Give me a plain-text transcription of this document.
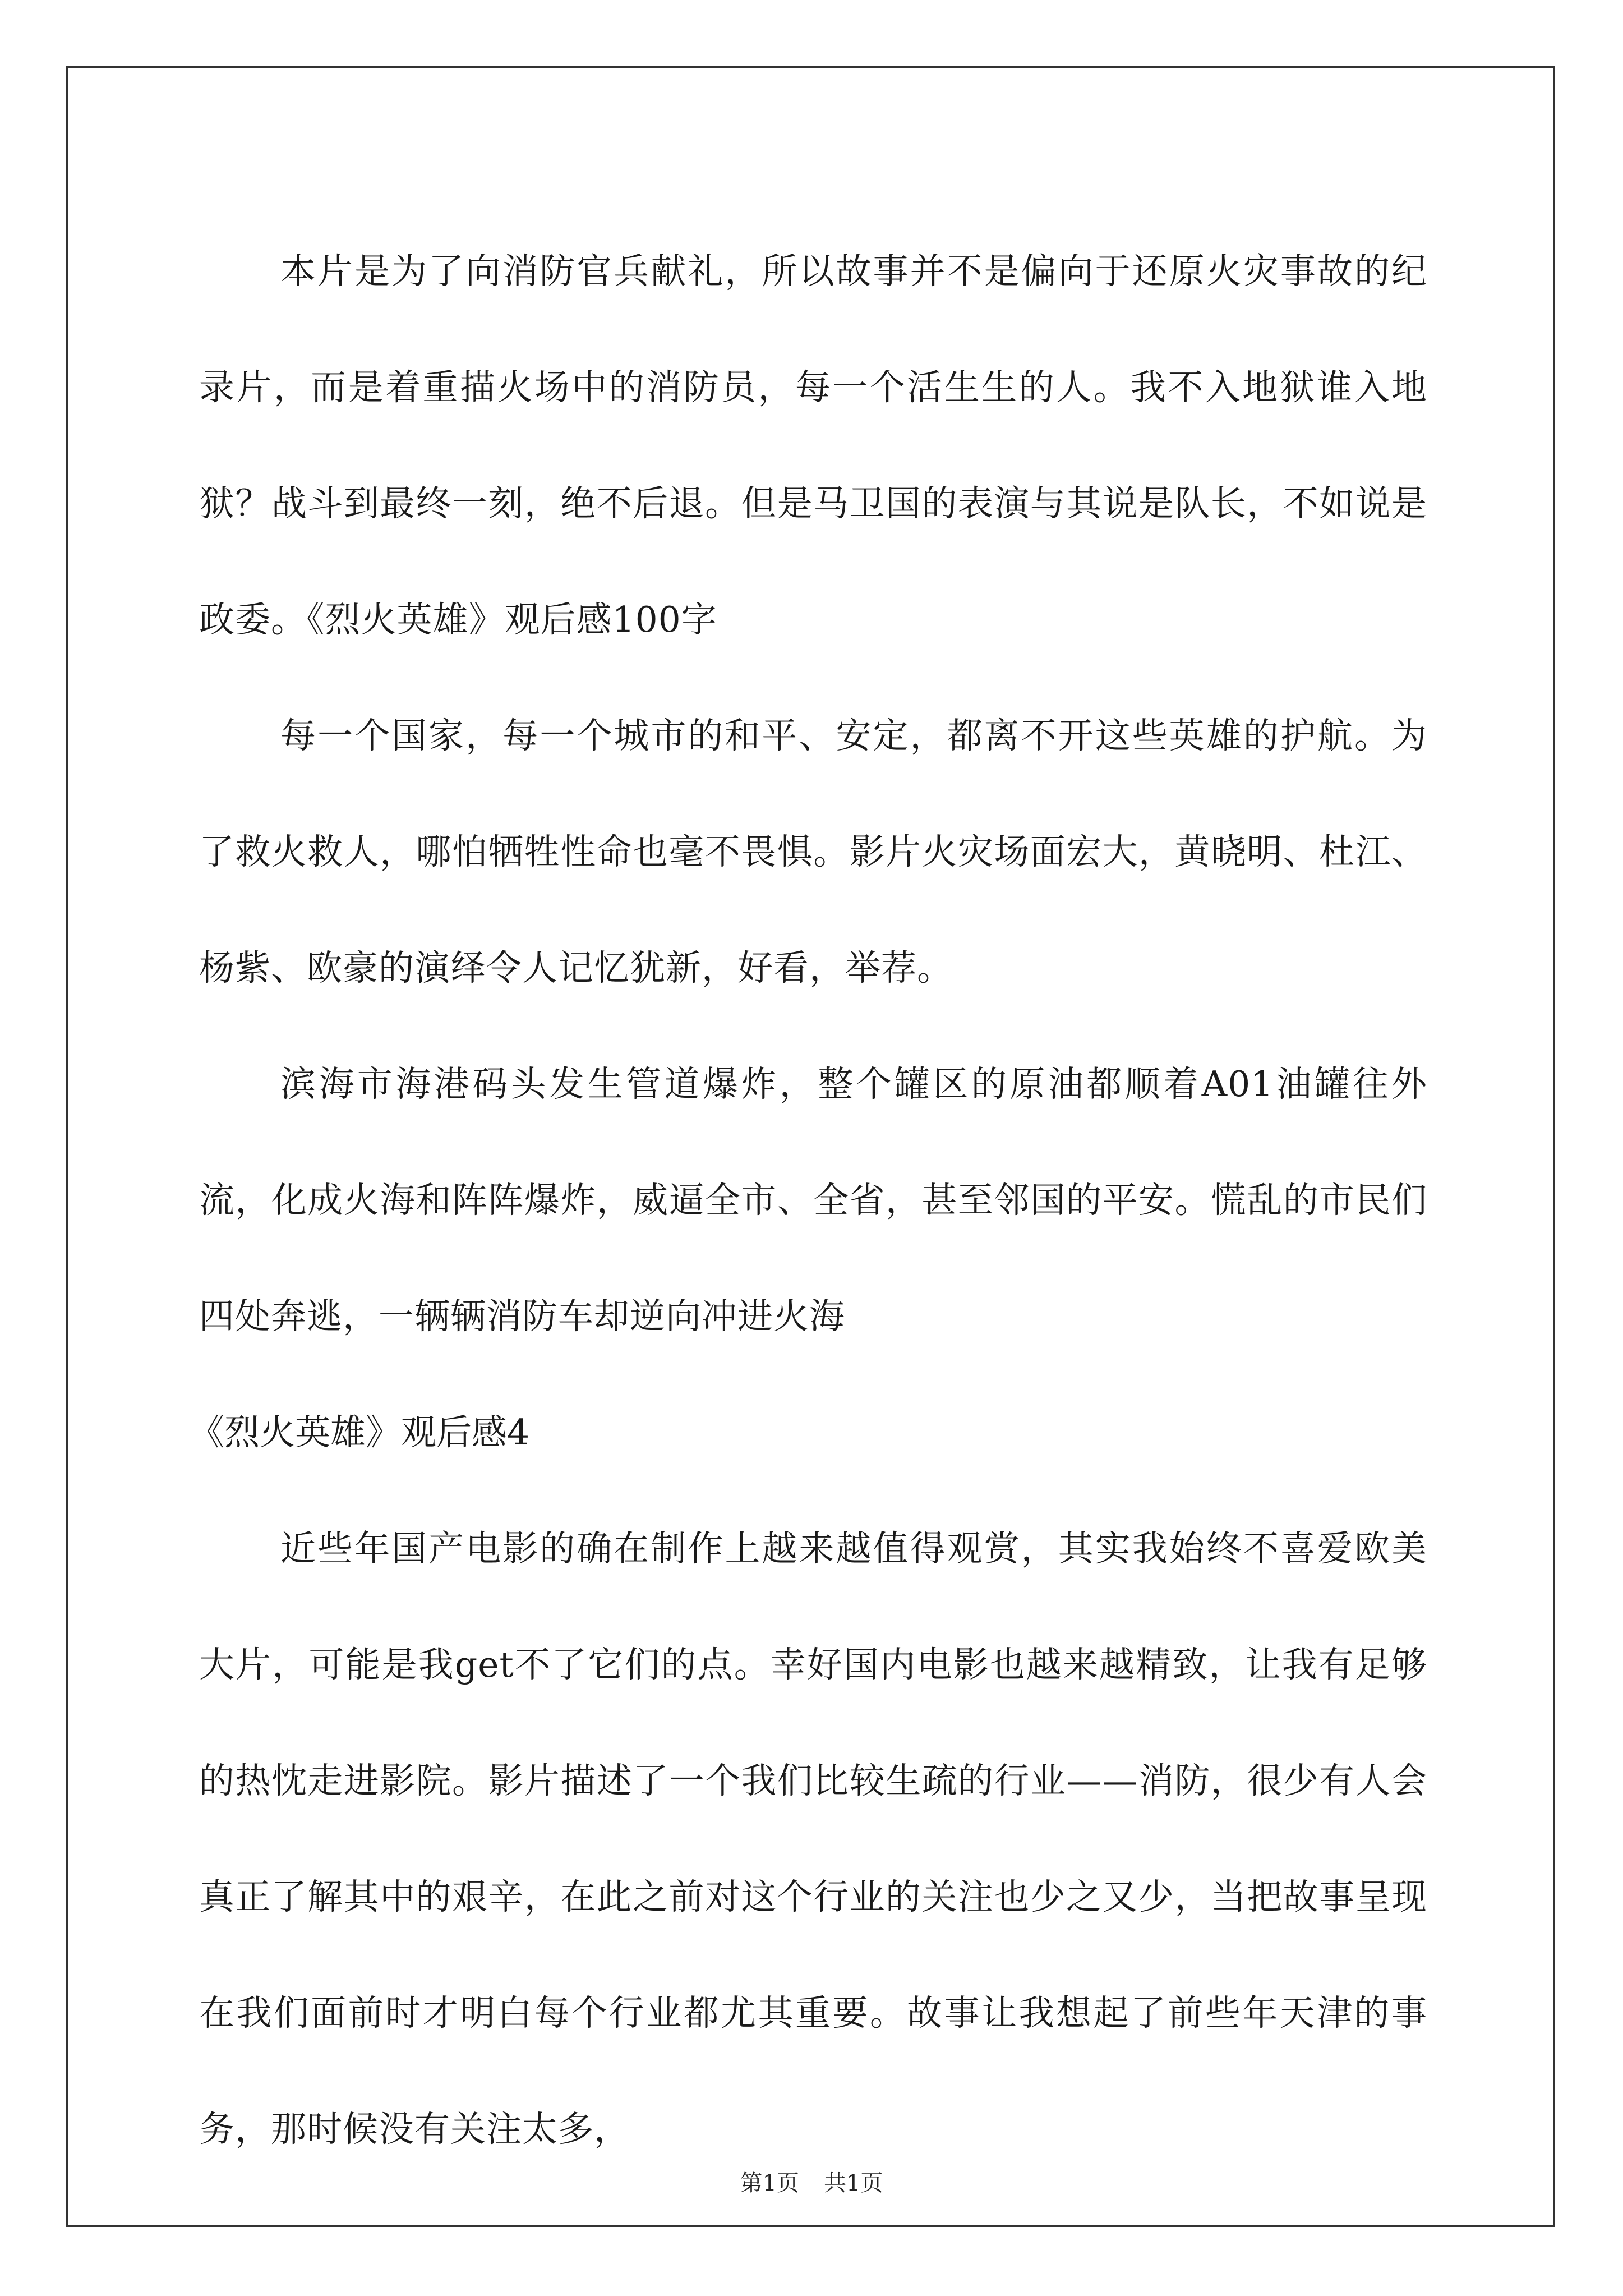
本片是为了向消防官兵献礼，所以故事并不是偏向于还原火灾事故的纪录片，而是着重描火场中的消防员，每一个活生生的人。我不入地狱谁入地狱？战斗到最终一刻，绝不后退。但是马卫国的表演与其说是队长，不如说是政委。《烈火英雄》观后感100字

每一个国家，每一个城市的和平、安定，都离不开这些英雄的护航。为了救火救人，哪怕牺牲性命也毫不畏惧。影片火灾场面宏大，黄晓明、杜江、杨紫、欧豪的演绎令人记忆犹新，好看，举荐。

滨海市海港码头发生管道爆炸，整个罐区的原油都顺着A01油罐往外流，化成火海和阵阵爆炸，威逼全市、全省，甚至邻国的平安。慌乱的市民们四处奔逃，一辆辆消防车却逆向冲进火海

《烈火英雄》观后感4

近些年国产电影的确在制作上越来越值得观赏，其实我始终不喜爱欧美大片，可能是我get不了它们的点。幸好国内电影也越来越精致，让我有足够的热忱走进影院。影片描述了一个我们比较生疏的行业——消防，很少有人会真正了解其中的艰辛，在此之前对这个行业的关注也少之又少，当把故事呈现在我们面前时才明白每个行业都尤其重要。故事让我想起了前些年天津的事务，那时候没有关注太多，

第1页 共1页
